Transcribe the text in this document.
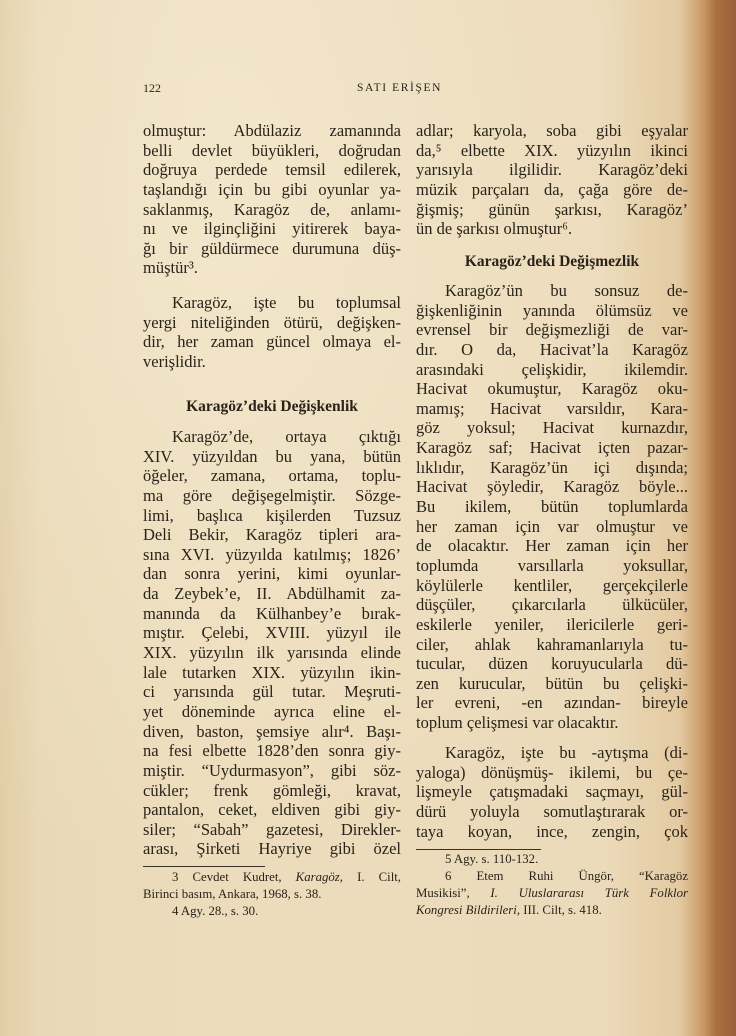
122	SATI ERİŞEN
olmuştur: Abdülaziz zamanında
belli devlet büyükleri, doğrudan
doğruya perdede temsil edilerek,
taşlandığı için bu gibi oyunlar ya-
saklanmış, Karagöz de, anlamı-
nı ve ilginçliğini yitirerek baya-
ğı bir güldürmece durumuna düş-
müştür³.
Karagöz, işte bu toplumsal
yergi niteliğinden ötürü, değişken-
dir, her zaman güncel olmaya el-
verişlidir.
Karagöz’deki Değişkenlik
Karagöz’de, ortaya çıktığı
XIV. yüzyıldan bu yana, bütün
öğeler, zamana, ortama, toplu-
ma göre değişegelmiştir. Sözge-
limi, başlıca kişilerden Tuzsuz
Deli Bekir, Karagöz tipleri ara-
sına XVI. yüzyılda katılmış; 1826’
dan sonra yerini, kimi oyunlar-
da Zeybek’e, II. Abdülhamit za-
manında da Külhanbey’e bırak-
mıştır. Çelebi, XVIII. yüzyıl ile
XIX. yüzyılın ilk yarısında elinde
lale tutarken XIX. yüzyılın ikin-
ci yarısında gül tutar. Meşruti-
yet döneminde ayrıca eline el-
diven, baston, şemsiye alır⁴. Başı-
na fesi elbette 1828’den sonra giy-
miştir. “Uydurmasyon”, gibi söz-
cükler; frenk gömleği, kravat,
pantalon, ceket, eldiven gibi giy-
siler; “Sabah” gazetesi, Direkler-
arası, Şirketi Hayriye gibi özel
3 Cevdet Kudret, Karagöz, I. Cilt,
Birinci basım, Ankara, 1968, s. 38.
4 Agy. 28., s. 30.
adlar; karyola, soba gibi eşyalar
da,⁵ elbette XIX. yüzyılın ikinci
yarısıyla ilgilidir. Karagöz’deki
müzik parçaları da, çağa göre de-
ğişmiş; günün şarkısı, Karagöz’
ün de şarkısı olmuştur⁶.
Karagöz’deki Değişmezlik
Karagöz’ün bu sonsuz de-
ğişkenliğinin yanında ölümsüz ve
evrensel bir değişmezliği de var-
dır. O da, Hacivat’la Karagöz
arasındaki çelişkidir, ikilemdir.
Hacivat okumuştur, Karagöz oku-
mamış; Hacivat varsıldır, Kara-
göz yoksul; Hacivat kurnazdır,
Karagöz saf; Hacivat içten pazar-
lıklıdır, Karagöz’ün içi dışında;
Hacivat şöyledir, Karagöz böyle...
Bu ikilem, bütün toplumlarda
her zaman için var olmuştur ve
de olacaktır. Her zaman için her
toplumda varsıllarla yoksullar,
köylülerle kentliler, gerçekçilerle
düşçüler, çıkarcılarla ülkücüler,
eskilerle yeniler, ilericilerle geri-
ciler, ahlak kahramanlarıyla tu-
tucular, düzen koruyucularla dü-
zen kurucular, bütün bu çelişki-
ler evreni, -en azından- bireyle
toplum çelişmesi var olacaktır.
Karagöz, işte bu -aytışma (di-
yaloga) dönüşmüş- ikilemi, bu çe-
lişmeyle çatışmadaki saçmayı, gül-
dürü yoluyla somutlaştırarak or-
taya koyan, ince, zengin, çok
5 Agy. s. 110-132.
6 Etem Ruhi Üngör, “Karagöz
Musikisi”, I. Uluslararası Türk Folklor
Kongresi Bildirileri, III. Cilt, s. 418.
